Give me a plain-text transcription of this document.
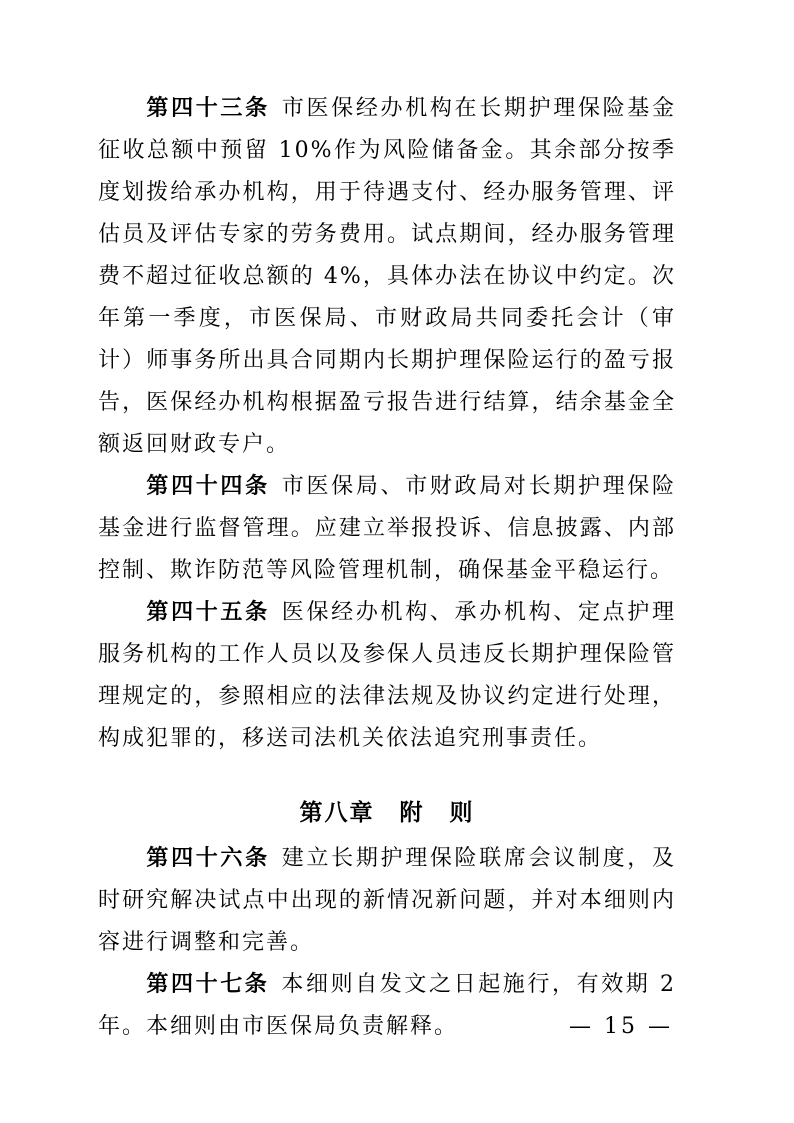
第四十三条 市医保经办机构在长期护理保险基金征收总额中预留 10%作为风险储备金。其余部分按季度划拨给承办机构，用于待遇支付、经办服务管理、评估员及评估专家的劳务费用。试点期间，经办服务管理费不超过征收总额的 4%，具体办法在协议中约定。次年第一季度，市医保局、市财政局共同委托会计（审计）师事务所出具合同期内长期护理保险运行的盈亏报告，医保经办机构根据盈亏报告进行结算，结余基金全额返回财政专户。

第四十四条 市医保局、市财政局对长期护理保险基金进行监督管理。应建立举报投诉、信息披露、内部控制、欺诈防范等风险管理机制，确保基金平稳运行。

第四十五条 医保经办机构、承办机构、定点护理服务机构的工作人员以及参保人员违反长期护理保险管理规定的，参照相应的法律法规及协议约定进行处理，构成犯罪的，移送司法机关依法追究刑事责任。

第八章　附　则

第四十六条 建立长期护理保险联席会议制度，及时研究解决试点中出现的新情况新问题，并对本细则内容进行调整和完善。

第四十七条 本细则自发文之日起施行，有效期 2 年。本细则由市医保局负责解释。	— 15 —
